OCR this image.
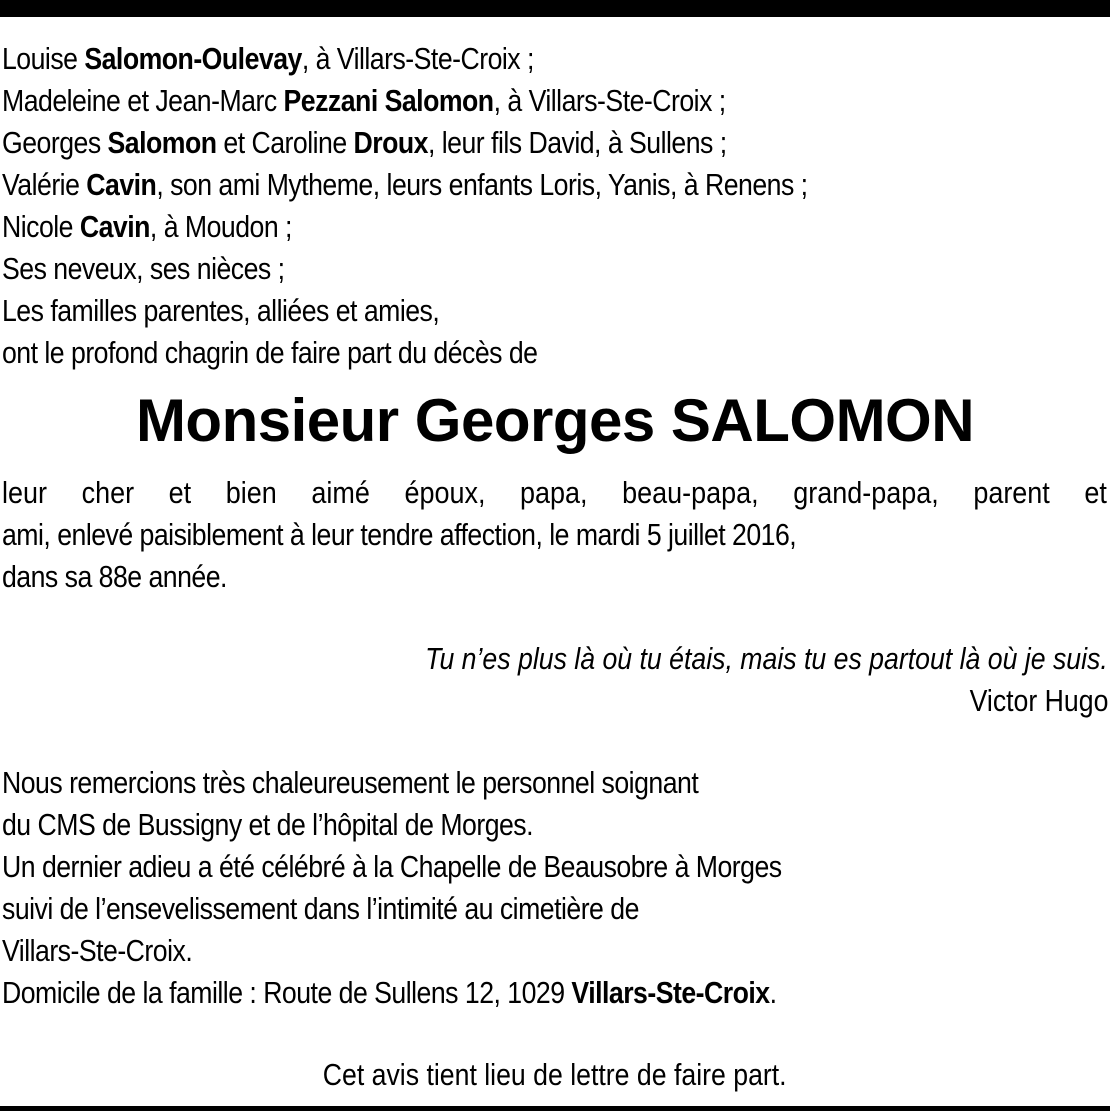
Louise Salomon-Oulevay, à Villars-Ste-Croix ;
Madeleine et Jean-Marc Pezzani Salomon, à Villars-Ste-Croix ;
Georges Salomon et Caroline Droux, leur fils David, à Sullens ;
Valérie Cavin, son ami Mytheme, leurs enfants Loris, Yanis, à Renens ;
Nicole Cavin, à Moudon ;
Ses neveux, ses nièces ;
Les familles parentes, alliées et amies,
ont le profond chagrin de faire part du décès de
Monsieur Georges SALOMON
leur cher et bien aimé époux, papa, beau-papa, grand-papa, parent et
ami, enlevé paisiblement à leur tendre affection, le mardi 5 juillet 2016,
dans sa 88e année.
Tu n’es plus là où tu étais, mais tu es partout là où je suis.
Victor Hugo
Nous remercions très chaleureusement le personnel soignant
du CMS de Bussigny et de l’hôpital de Morges.
Un dernier adieu a été célébré à la Chapelle de Beausobre à Morges
suivi de l’ensevelissement dans l’intimité au cimetière de
Villars-Ste-Croix.
Domicile de la famille : Route de Sullens 12, 1029 Villars-Ste-Croix.
Cet avis tient lieu de lettre de faire part.
